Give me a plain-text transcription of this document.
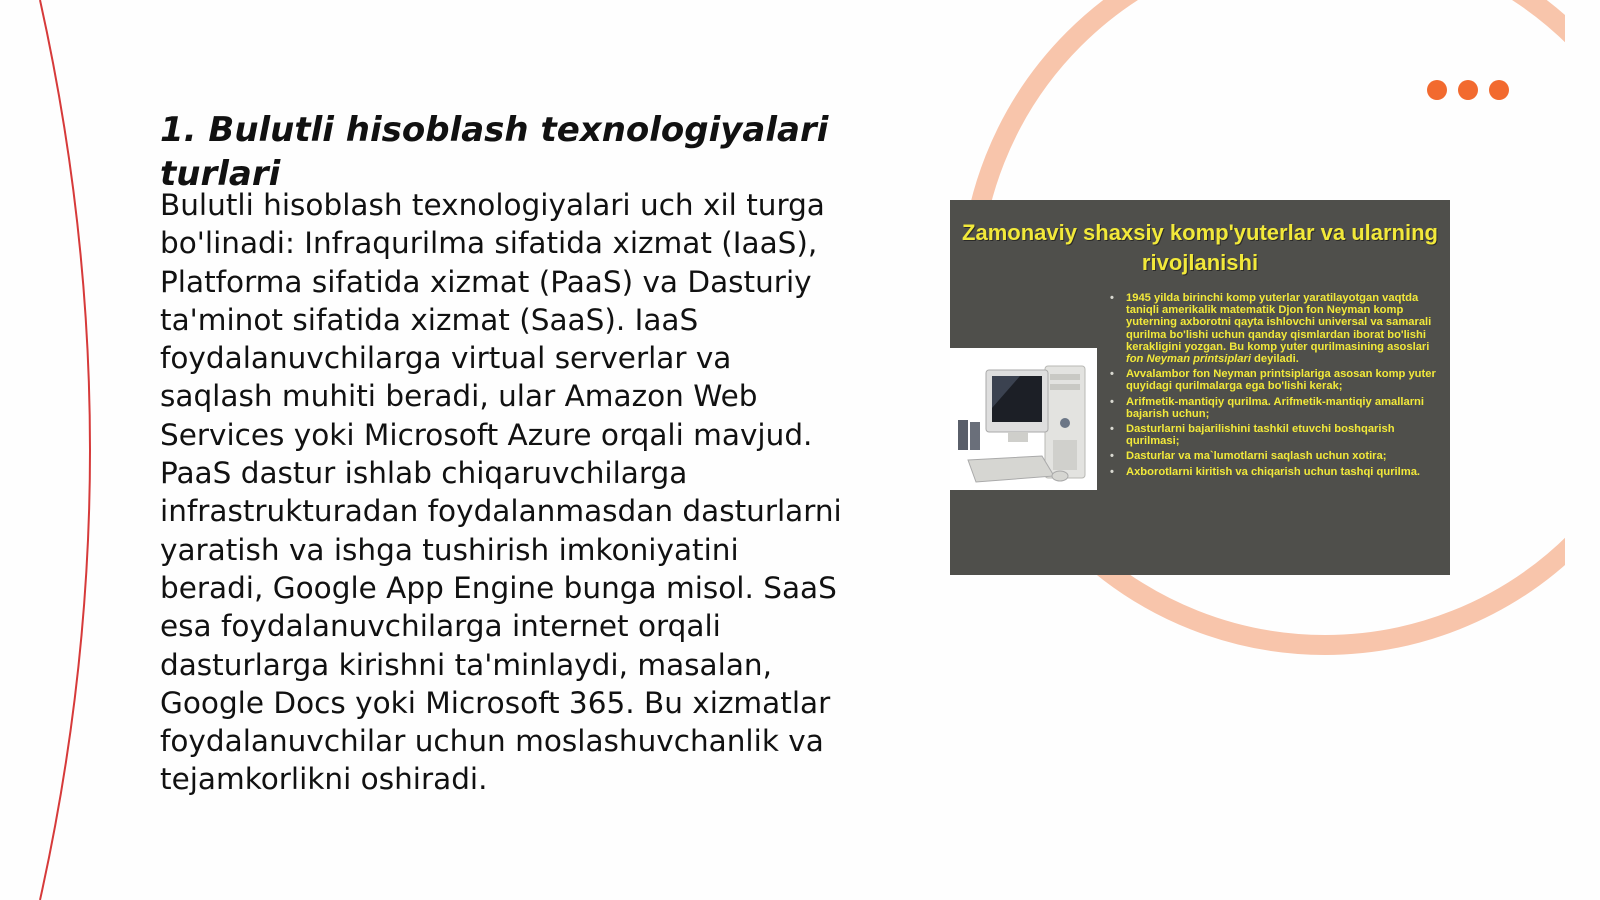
1. Bulutli hisoblash texnologiyalari turlari

Bulutli hisoblash texnologiyalari uch xil turga bo'linadi: Infraqurilma sifatida xizmat (IaaS), Platforma sifatida xizmat (PaaS) va Dasturiy ta'minot sifatida xizmat (SaaS). IaaS foydalanuvchilarga virtual serverlar va saqlash muhiti beradi, ular Amazon Web Services yoki Microsoft Azure orqali mavjud. PaaS dastur ishlab chiqaruvchilarga infrastrukturadan foydalanmasdan dasturlarni yaratish va ishga tushirish imkoniyatini beradi, Google App Engine bunga misol. SaaS esa foydalanuvchilarga internet orqali dasturlarga kirishni ta'minlaydi, masalan, Google Docs yoki Microsoft 365. Bu xizmatlar foydalanuvchilar uchun moslashuvchanlik va tejamkorlikni oshiradi.

Zamonaviy shaxsiy komp'yuterlar va ularning rivojlanishi
• 1945 yilda birinchi komp yuterlar yaratilayotgan vaqtda taniqli amerikalik matematik Djon fon Neyman komp yuterning axborotni qayta ishlovchi universal va samarali qurilma bo'lishi uchun qanday qismlardan iborat bo'lishi kerakligini yozgan. Bu komp yuter qurilmasining asoslari fon Neyman printsiplari deyiladi.
• Avvalambor fon Neyman printsiplariga asosan komp yuter quyidagi qurilmalarga ega bo'lishi kerak;
• Arifmetik-mantiqiy qurilma. Arifmetik-mantiqiy amallarni bajarish uchun;
• Dasturlarni bajarilishini tashkil etuvchi boshqarish qurilmasi;
• Dasturlar va ma`lumotlarni saqlash uchun xotira;
• Axborotlarni kiritish va chiqarish uchun tashqi qurilma.
